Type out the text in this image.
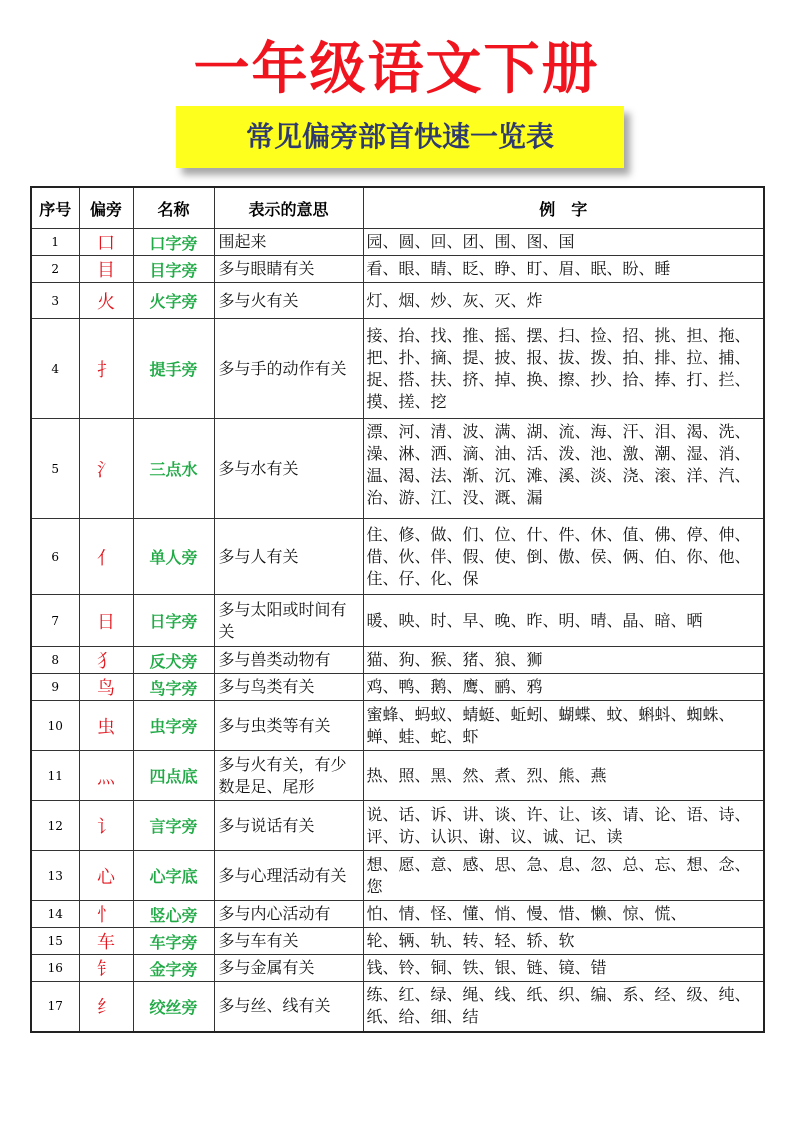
一年级语文下册
常见偏旁部首快速一览表
序号	偏旁	名称	表示的意思	例　字
1	口	口字旁	围起来	园、圆、回、团、围、图、国
2	目	目字旁	多与眼睛有关	看、眼、睛、眨、睁、盯、眉、眠、盼、睡
3	火	火字旁	多与火有关	灯、烟、炒、灰、灭、炸
4	扌	提手旁	多与手的动作有关	接、抬、找、推、摇、摆、扫、捡、招、挑、担、拖、把、扑、摘、提、披、报、拔、拨、拍、排、拉、捕、捉、搭、扶、挤、掉、换、擦、抄、拾、捧、打、拦、摸、搓、挖
5	氵	三点水	多与水有关	漂、河、清、波、满、湖、流、海、汗、泪、渴、洗、澡、淋、洒、滴、油、活、泼、池、激、潮、湿、消、温、渴、法、渐、沉、滩、溪、淡、浇、滚、洋、汽、治、游、江、没、溉、漏

6	亻	单人旁	多与人有关	住、修、做、们、位、什、件、休、值、佛、停、伸、借、伙、伴、假、使、倒、傲、侯、俩、伯、你、他、住、仔、化、保
7	日	日字旁	多与太阳或时间有关	暖、映、时、早、晚、昨、明、晴、晶、暗、晒
8	犭	反犬旁	多与兽类动物有	猫、狗、猴、猪、狼、狮
9	鸟	鸟字旁	多与鸟类有关	鸡、鸭、鹅、鹰、鹂、鸦
10	虫	虫字旁	多与虫类等有关	蜜蜂、蚂蚁、蜻蜓、蚯蚓、蝴蝶、蚊、蝌蚪、蜘蛛、蝉、蛙、蛇、虾
11	灬	四点底	多与火有关，有少数是足、尾形	热、照、黑、然、煮、烈、熊、燕
12	讠	言字旁	多与说话有关	说、话、诉、讲、谈、许、让、该、请、论、语、诗、评、访、认识、谢、议、诚、记、读
13	心	心字底	多与心理活动有关	想、愿、意、感、思、急、息、忽、总、忘、想、念、您
14	忄	竖心旁	多与内心活动有	怕、情、怪、懂、悄、慢、惜、懒、惊、慌、
15	车	车字旁	多与车有关	轮、辆、轨、转、轻、轿、软
16	钅	金字旁	多与金属有关	钱、铃、铜、铁、银、链、镜、错
17	纟	绞丝旁	多与丝、线有关	练、红、绿、绳、线、纸、织、编、系、经、级、纯、纸、给、细、结
